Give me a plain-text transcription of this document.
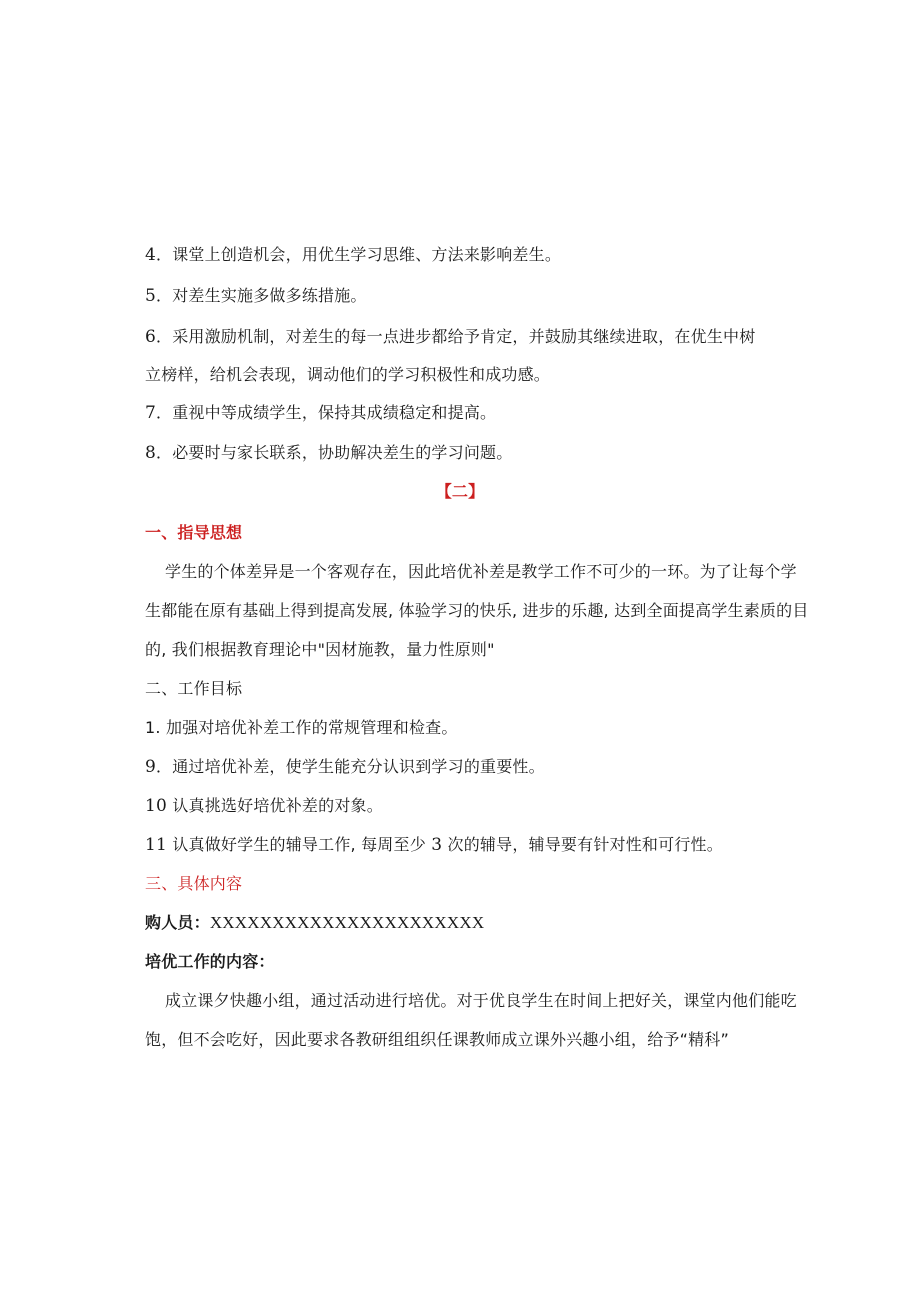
4．课堂上创造机会，用优生学习思维、方法来影响差生。
5．对差生实施多做多练措施。
6．采用激励机制，对差生的每一点进步都给予肯定，并鼓励其继续进取，在优生中树
立榜样，给机会表现，调动他们的学习积极性和成功感。
7．重视中等成绩学生，保持其成绩稳定和提高。
8．必要时与家长联系，协助解决差生的学习问题。
【二】
一、指导思想
学生的个体差异是一个客观存在，因此培优补差是教学工作不可少的一环。为了让每个学
生都能在原有基础上得到提高发展, 体验学习的快乐, 进步的乐趣, 达到全面提高学生素质的目
的, 我们根据教育理论中"因材施教，量力性原则"
二、工作目标
1. 加强对培优补差工作的常规管理和检查。
9．通过培优补差，使学生能充分认识到学习的重要性。
10 认真挑选好培优补差的对象。
11 认真做好学生的辅导工作, 每周至少 3 次的辅导，辅导要有针对性和可行性。
三、具体内容
购人员：XXXXXXXXXXXXXXXXXXXXXX
培优工作的内容：
成立课夕快趣小组，通过活动进行培优。对于优良学生在时间上把好关，课堂内他们能吃
饱，但不会吃好，因此要求各教研组组织任课教师成立课外兴趣小组，给予“精科”
